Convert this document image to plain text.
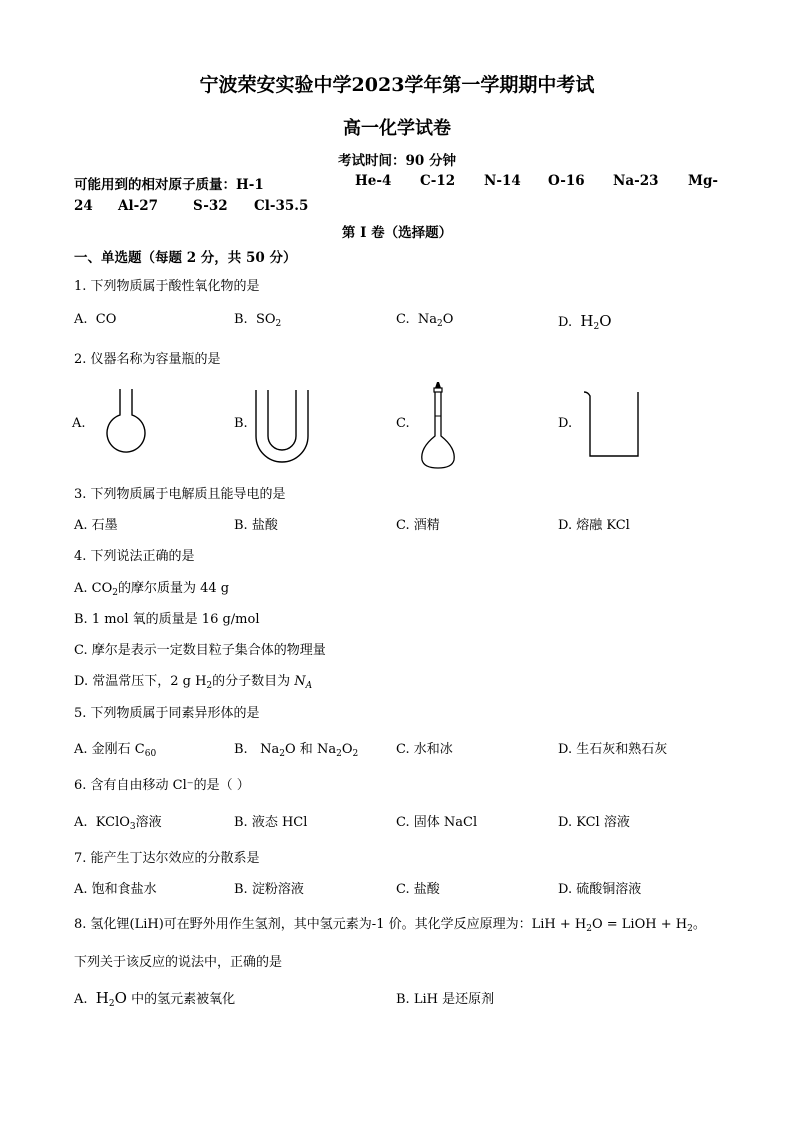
宁波荣安实验中学2023学年第一学期期中考试
高一化学试卷
考试时间：90 分钟
可能用到的相对原子质量：H-1	He-4 C-12 N-14 O-16 Na-23 Mg-
24 Al-27	S-32 Cl-35.5
第 I 卷（选择题）
一、单选题（每题 2 分，共 50 分）
1. 下列物质属于酸性氧化物的是
A. CO	B. $SO_2$	C. $Na_2O$	D. $H_2O$
2. 仪器名称为容量瓶的是
A.	B.	C.	D.
3. 下列物质属于电解质且能导电的是
A. 石墨	B. 盐酸	C. 酒精	D. 熔融 KCl
4. 下列说法正确的是
A. $CO_2$的摩尔质量为 44 g
B. 1 mol 氧的质量是 16 g/mol
C. 摩尔是表示一定数目粒子集合体的物理量
D. 常温常压下，2 g $H_2$的分子数目为 $N_A$
5. 下列物质属于同素异形体的是
A. 金刚石 $C_{60}$	B. $Na_2O$ 和 $Na_2O_2$	C. 水和冰	D. 生石灰和熟石灰
6. 含有自由移动 Cl⁻的是（ ）
A. KClO$_3$溶液	B. 液态 HCl	C. 固体 NaCl	D. KCl 溶液
7. 能产生丁达尔效应的分散系是
A. 饱和食盐水	B. 淀粉溶液	C. 盐酸	D. 硫酸铜溶液
8. 氢化锂(LiH)可在野外用作生氢剂，其中氢元素为-1 价。其化学反应原理为：LiH + $H_2O$ = LiOH + $H_2$。
下列关于该反应的说法中，正确的是
A. $H_2O$ 中的氢元素被氧化	B. LiH 是还原剂
